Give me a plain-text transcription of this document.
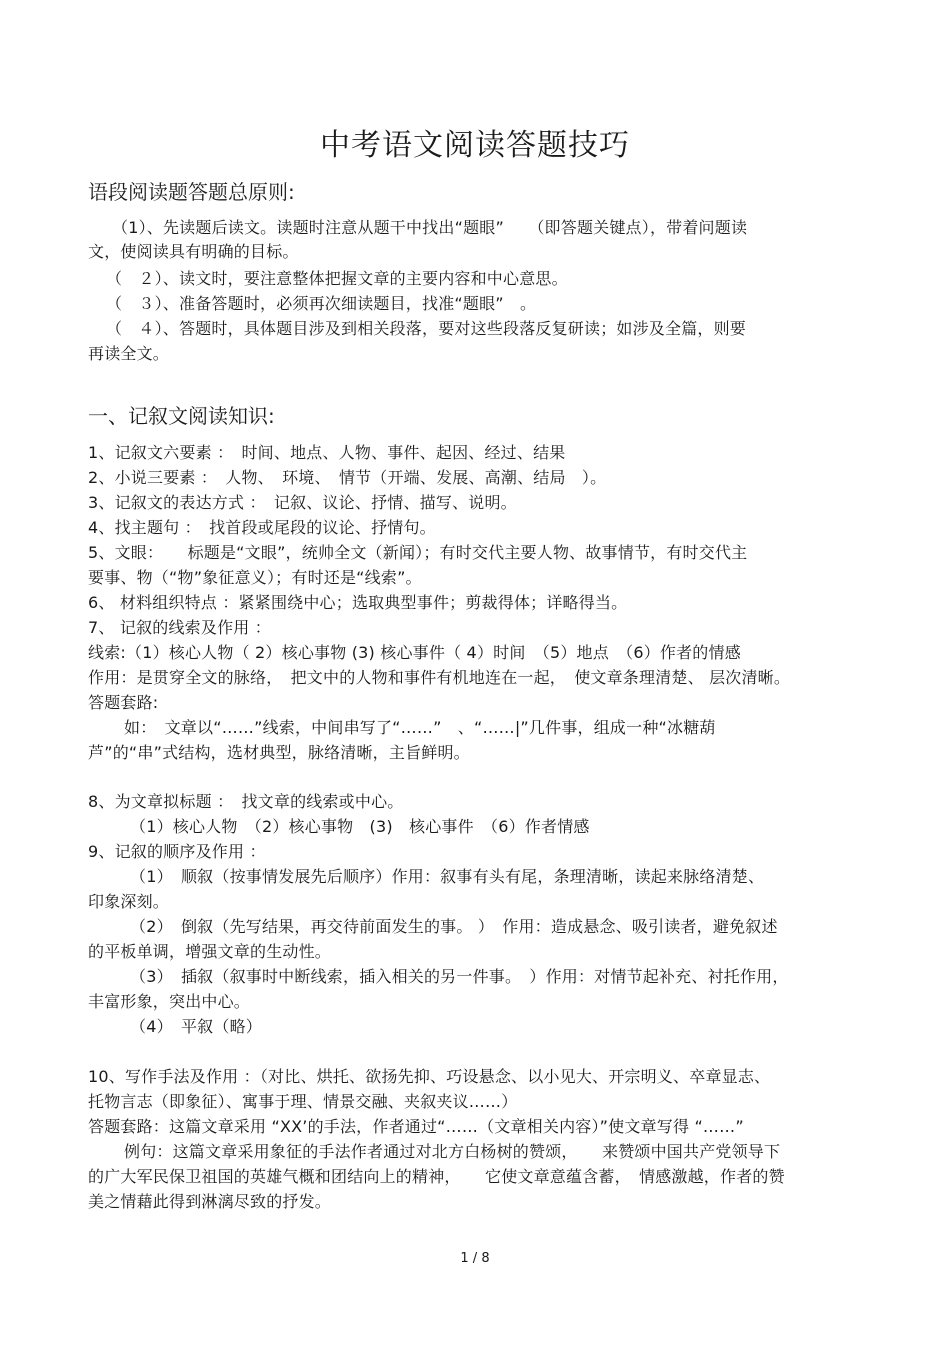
中考语文阅读答题技巧
语段阅读题答题总原则:
（1）、先读题后读文。读题时注意从题干中找出“题眼”　　（即答题关键点），带着问题读
文，使阅读具有明确的目标。
（　２）、读文时，要注意整体把握文章的主要内容和中心意思。
（　３）、准备答题时，必须再次细读题目，找准“题眼”　。
（　４）、答题时，具体题目涉及到相关段落，要对这些段落反复研读；如涉及全篇，则要
再读全文。
一、记叙文阅读知识:
1、记叙文六要素 ：　时间、地点、人物、事件、起因、经过、结果
2、小说三要素 ：　人物、　环境、　情节（开端、发展、高潮、结局　）。
3、记叙文的表达方式 ：　记叙、议论、抒情、描写、说明。
4、找主题句 ：　找首段或尾段的议论、抒情句。
5、文眼：　　标题是“文眼”，统帅全文（新闻）；有时交代主要人物、故事情节，有时交代主
要事、物（“物”象征意义）；有时还是“线索”。
6、 材料组织特点 ：紧紧围绕中心；选取典型事件；剪裁得体；详略得当。
7、 记叙的线索及作用 ：
线索:（1）核心人物（ 2）核心事物 (3) 核心事件（ 4）时间　（5）地点　（6）作者的情感
作用：是贯穿全文的脉络，　把文中的人物和事件有机地连在一起，　使文章条理清楚、 层次清晰。
答题套路:
如：　文章以“……”线索，中间串写了“……”　、“……|”几件事，组成一种“冰糖葫
芦”的“串”式结构，选材典型，脉络清晰，主旨鲜明。
8、为文章拟标题 ：　找文章的线索或中心。
（1）核心人物　（2）核心事物　(3)　核心事件　（6）作者情感
9、记叙的顺序及作用 ：
（1）　顺叙（按事情发展先后顺序）作用：叙事有头有尾，条理清晰，读起来脉络清楚、
印象深刻。
（2）　倒叙（先写结果，再交待前面发生的事。 ）　作用：造成悬念、吸引读者，避免叙述
的平板单调，增强文章的生动性。
（3）　插叙（叙事时中断线索，插入相关的另一件事。　）作用：对情节起补充、衬托作用，
丰富形象，突出中心。
（4）　平叙（略）
10、写作手法及作用 ：（对比、烘托、欲扬先抑、巧设悬念、以小见大、开宗明义、卒章显志、
托物言志（即象征）、寓事于理、情景交融、夹叙夹议……）
答题套路：这篇文章采用 “XX’的手法，作者通过“……（文章相关内容）”使文章写得 “……”
例句：这篇文章采用象征的手法作者通过对北方白杨树的赞颂，　　来赞颂中国共产党领导下
的广大军民保卫祖国的英雄气概和团结向上的精神，　　它使文章意蕴含蓄，　情感激越，作者的赞
美之情藉此得到淋漓尽致的抒发。
1 / 8
